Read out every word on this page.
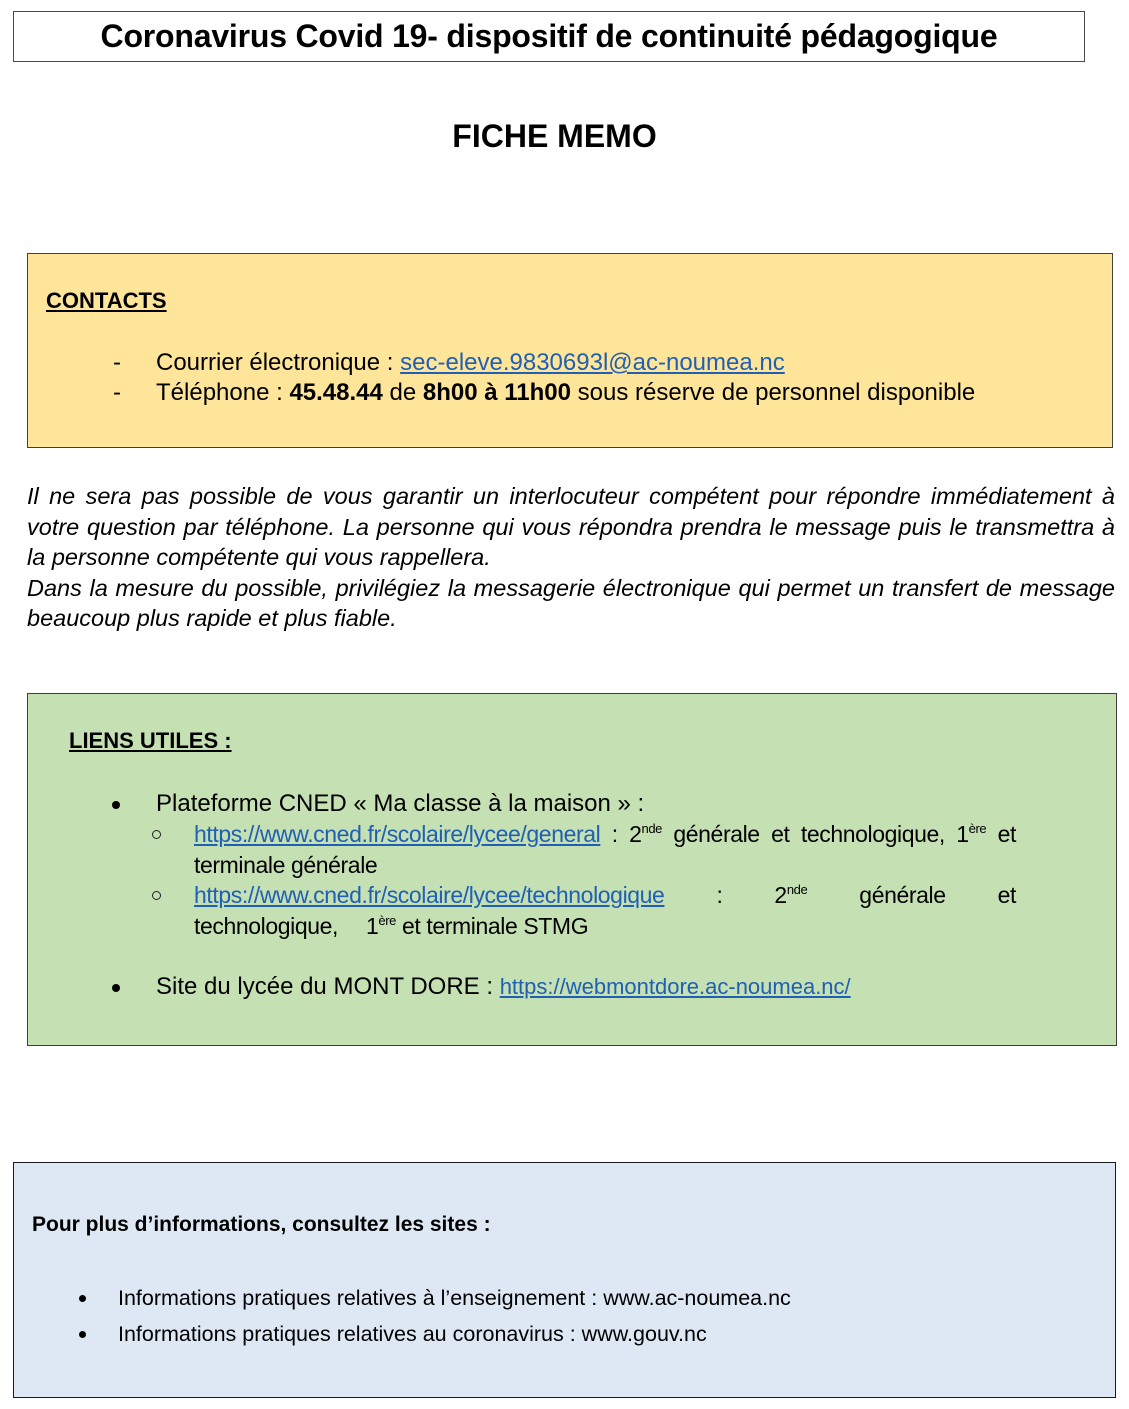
Coronavirus Covid 19- dispositif de continuité pédagogique
FICHE MEMO
CONTACTS
-	Courrier électronique : sec-eleve.9830693l@ac-noumea.nc
-	Téléphone : 45.48.44 de 8h00 à 11h00 sous réserve de personnel disponible

Il ne sera pas possible de vous garantir un interlocuteur compétent pour répondre immédiatement à votre question par téléphone. La personne qui vous répondra prendra le message puis le transmettra à la personne compétente qui vous rappellera.

Dans la mesure du possible, privilégiez la messagerie électronique qui permet un transfert de message beaucoup plus rapide et plus fiable.

LIENS UTILES :
Plateforme CNED « Ma classe à la maison » :
https://www.cned.fr/scolaire/lycee/general : 2nde générale et technologique, 1ère et terminale générale
https://www.cned.fr/scolaire/lycee/technologique : 2nde générale et technologique, 1ère et terminale STMG
Site du lycée du MONT DORE : https://webmontdore.ac-noumea.nc/
Pour plus d’informations, consultez les sites :
Informations pratiques relatives à l’enseignement : www.ac-noumea.nc
Informations pratiques relatives au coronavirus : www.gouv.nc
